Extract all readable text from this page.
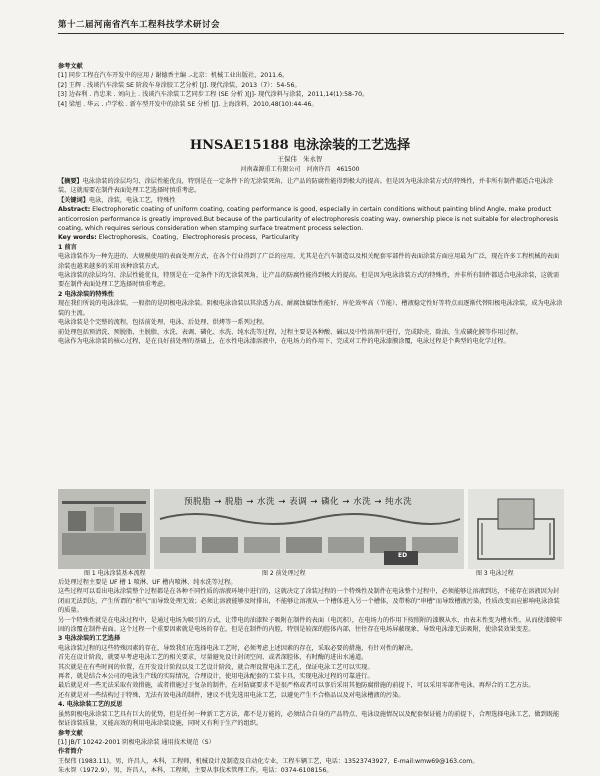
第十二届河南省汽车工程科技学术研讨会

参考文献

[1] 同步工程在汽车开发中的应用 / 谢德香主编 .-北京：机械工业出版社，2011.6。

[2] 王辉 . 浅谈汽车涂装 SE 阶段车身涂胶工艺分析 [J]. 现代涂装，2013（7）：54-56。

[3] 边春利 . 肖忠来 . 刘向上 . 浅谈汽车涂装工艺同步工程 (SE 分析 )[J]- 现代涂料与涂装，2011,14(1):58-70。

[4] 梁旭 . 华云 . 卢学松 . 新车型开发中的涂装 SE 分析 [J]. 上海涂料，2010,48(10):44-46。

HNSAE15188 电泳涂装的工艺选择
王保伟　朱永智
河南森源重工有限公司　河南许昌　461500

【摘要】电泳涂装的涂层均匀、涂层性能优良，特别是在一定条件下的无涂装死角，让产品的防腐性能得到极大的提高。但是因为电泳涂装方式的特殊性，并非所有制件都适合电泳涂装，这就需要在制件表面处理工艺选择时慎重考虑。

【关键词】电泳，涂装，电泳工艺，特殊性

Abstract: Electrophoretic coating of uniform coating, coating performance is good, especially in certain conditions without painting blind Angle, make product anticorrosion performance is greatly improved.But because of the particularity of electrophoresis coating way, ownership piece is not suitable for electrophoresis coating, which requires serious consideration when stamping surface treatment process selection.

Key words: Electrophoresis，Coating，Electrophoresis process，Particularity

1 前言

电泳涂装作为一种先进的、大规模使用的表面处理方式，在各个行业得到了广泛的应用，尤其是在汽车制造以及相关配套零部件的表面涂装方面应用最为广泛，现在许多工程机械的表面涂装也越来越多的采用该种涂装方式。

电泳涂装的涂层均匀、涂层性能优良，特别是在一定条件下的无涂装死角，让产品的防腐性能得到极大的提高。但是因为电泳涂装方式的特殊性，并非所有制件都适合电泳涂装，这就需要在制件表面处理工艺选择时慎重考虑。

2 电泳涂装的特殊性

现在我们所说的电泳涂装，一般指的是阴极电泳涂装。阴极电泳涂装以其涂透力高、耐腐蚀腐蚀性能好、库伦效率高（节能）、槽液稳定性好等特点而逐渐代替阳极电泳涂装，成为电泳涂装的主流。

电泳涂装是个完整的流程，包括前处理、电泳、后处理、烘烤等一系列过程。

前处理包括预清洗、预脱脂、主脱脂、水洗、表调、磷化、水洗、纯水洗等过程，过程主要是各种酸、碱以及中性溶剂中进行，完成除壳、除油、生成磷化膜等作用过程。

电泳作为电泳涂装的核心过程，是在良好前处理的基础上，在水性电泳漆溶液中，在电场力的作用下，完成对工件的电泳漆膜涂覆，电泳过程是个典型的电化学过程。

预脱脂 → 脱脂 → 水洗 → 表调 → 磷化 → 水洗 → 纯水洗
ED
图 1 电泳涂装基本流程	图 2 前处理过程	图 3 电泳过程

后处理过程主要是 UF 槽 1 喷淋、UF 槽内喷淋、纯水洗等过程。

这些过程可以看出电泳涂装整个过程都是在各种不同性质的溶液环境中进行的，这就决定了涂装过程的一个特殊性及制件在电泳整个过程中，必须能够让溶液到达，不能存在溶液因为封闭而无法到达，产生所谓的“积气”而导致处理无效；必须让溶液能够及时排出，不能够让溶液从一个槽体进入另一个槽体，及带称的“串槽”而导致槽液污染，性质改变而应影响电泳涂装的质量。

另一个特殊性就是在电泳过程中，是通过电场为吸引的方式，让带电的油漆粒子吸附在制件的表面（电沉积），在电场力的作用下按照附的漆膜从水，由表末性变为槽水性，从而使漆膜牢固的涂覆在制件表面。这个过程一个重要因素就是电场的存在，但是在制件的内腔，特别是较深的腔体内部，往往存在电场屏蔽现象，导致电泳漆无法吸附，使涂装效果变差。

3 电泳涂装的工艺选择

电泳涂装过程的这些特殊因素的存在，导致我们在选择电泳工艺时，必须考虑上述因素的存在，采取必要的措施，有针对性的解决。

首先在设计阶段，就要早考虑电泳工艺的相关要求，尽量避免设计封闭空间、或者深腔体，有时酶的进出水通道。

其次就是在有些时间的位置，在开发设计阶段以及工艺设计阶段，就合理设置电泳工艺孔，保证电泳工艺可以实现。

再者，就是结合本公司的电泳生产线的实际情况，合理设计，使用电泳配套的工装卡具，实现电泳过程的可靠进行。

最后就是对一些无法采取有效措施，或者措施过于复杂的制件，在对防腐要求不是很严格或者可以事后采用其他防腐措施的前提下，可以采用零部件电泳、再焊合的工艺方法。

还有就是对一些结构过于特殊，无法有效电泳的制件，建议不优先选用电泳工艺，以避免产生不合格品以及对电泳槽液的污染。

4. 电泳涂装工艺的反思

虽然阴极电泳涂装工艺具有巨大的优势，但是任何一种新工艺方法，都不是万能的，必须结合自身的产品特点、电泳设施情况以及配套保证能力的前提下，合理选择电泳工艺，做到既能保证涂装质量，又能高效的利用电泳涂装设施，同时又有利于生产的组织。

参考文献

[1] JB/T 10242-2001 阴极电泳涂装 通用技术规范（S）

作者简介

王保伟 (1983.11)，男，许昌人，本科，工程师，机械设计及制造及自动化专业，工程车辆工艺，电话：13523743927，E-mail:wmw69@163.com。

朱永智（1972.9），男，许昌人，本科，工程师，主要从事技术管理工作，电话：0374-6108156。
